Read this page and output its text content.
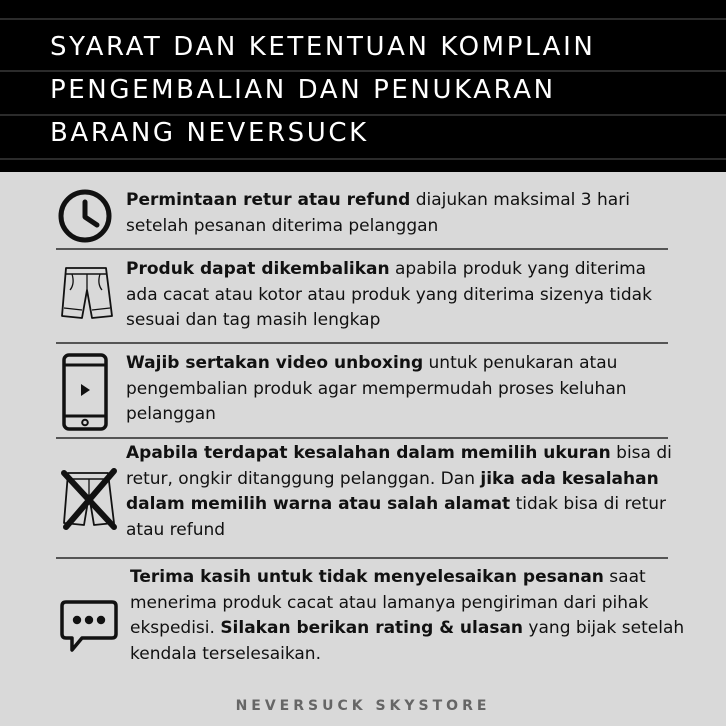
SYARAT DAN KETENTUAN KOMPLAIN
PENGEMBALIAN DAN PENUKARAN
BARANG NEVERSUCK
Permintaan retur atau refund diajukan maksimal 3 hari setelah pesanan diterima pelanggan
Produk dapat dikembalikan apabila produk yang diterima ada cacat atau kotor atau produk yang diterima sizenya tidak sesuai dan tag masih lengkap
Wajib sertakan video unboxing untuk penukaran atau pengembalian produk agar mempermudah proses keluhan pelanggan
Apabila terdapat kesalahan dalam memilih ukuran bisa di retur, ongkir ditanggung pelanggan. Dan jika ada kesalahan dalam memilih warna atau salah alamat tidak bisa di retur atau refund
Terima kasih untuk tidak menyelesaikan pesanan saat menerima produk cacat atau lamanya pengiriman dari pihak ekspedisi. Silakan berikan rating & ulasan yang bijak setelah kendala terselesaikan.
NEVERSUCK SKYSTORE
